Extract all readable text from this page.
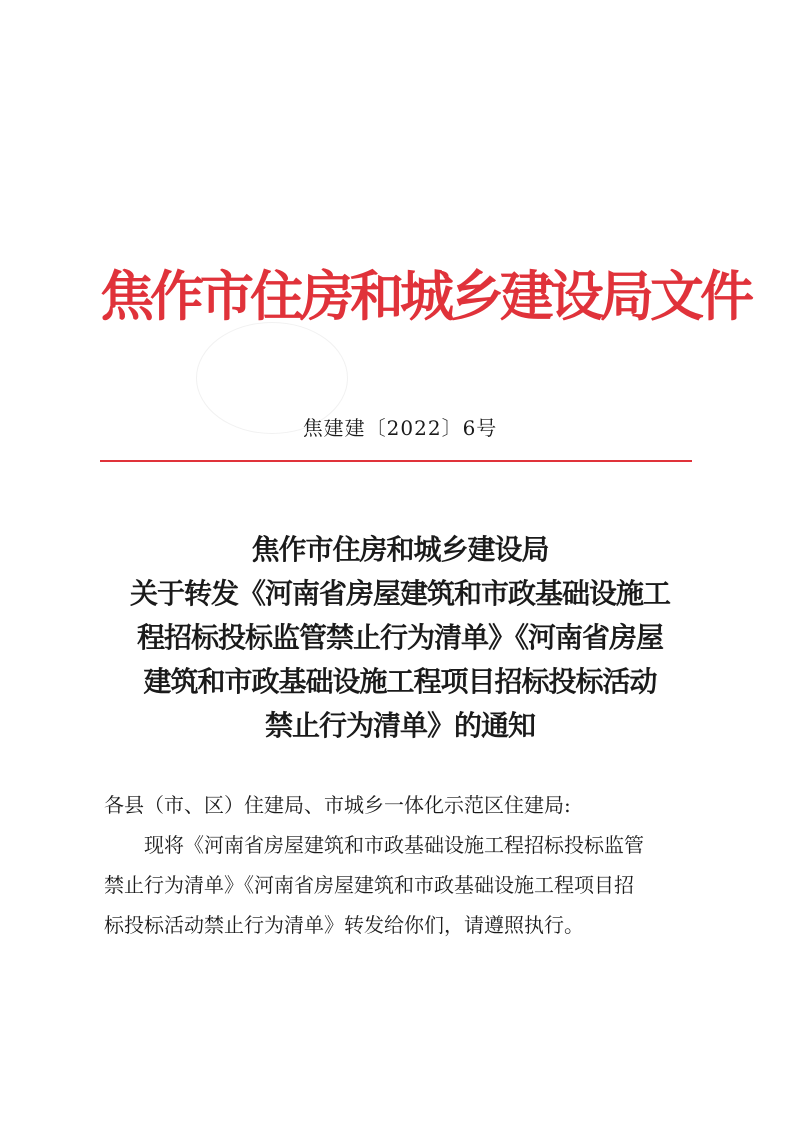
焦作市住房和城乡建设局文件
焦建建〔2022〕6号
焦作市住房和城乡建设局
关于转发《河南省房屋建筑和市政基础设施工
程招标投标监管禁止行为清单》《河南省房屋
建筑和市政基础设施工程项目招标投标活动
禁止行为清单》的通知
各县（市、区）住建局、市城乡一体化示范区住建局:
现将《河南省房屋建筑和市政基础设施工程招标投标监管
禁止行为清单》《河南省房屋建筑和市政基础设施工程项目招
标投标活动禁止行为清单》转发给你们，请遵照执行。
